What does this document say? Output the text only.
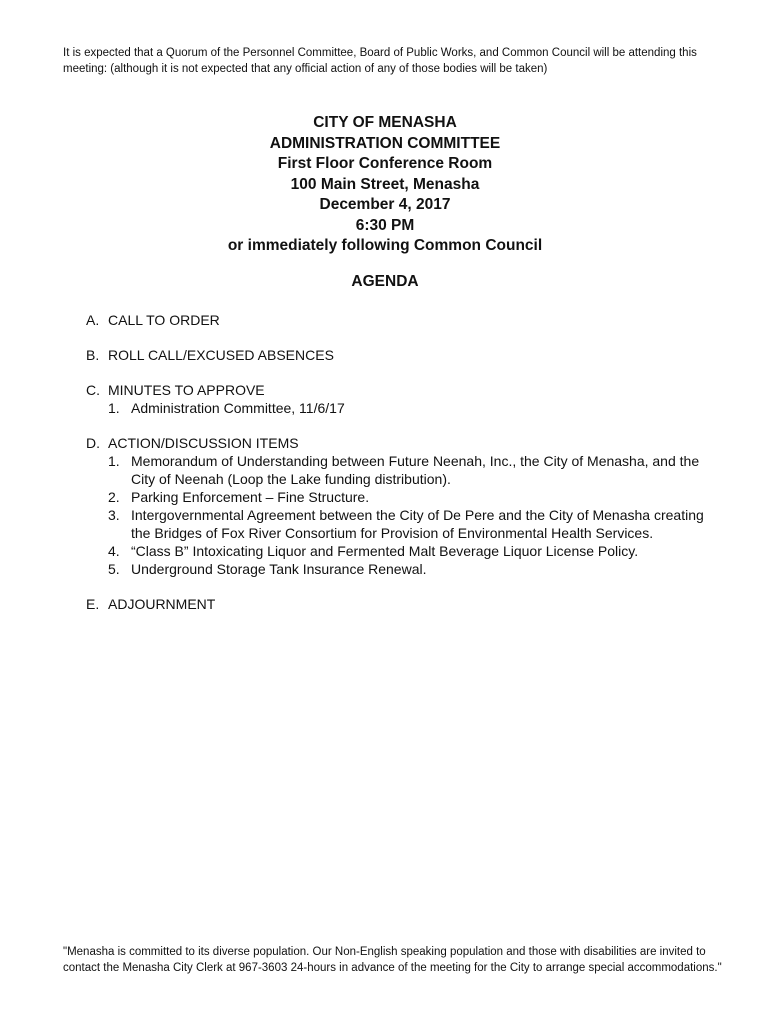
It is expected that a Quorum of the Personnel Committee, Board of Public Works, and Common Council will be attending this meeting: (although it is not expected that any official action of any of those bodies will be taken)
CITY OF MENASHA
ADMINISTRATION COMMITTEE
First Floor Conference Room
100 Main Street, Menasha
December 4, 2017
6:30 PM
or immediately following Common Council
AGENDA
A. CALL TO ORDER
B. ROLL CALL/EXCUSED ABSENCES
C. MINUTES TO APPROVE
1. Administration Committee, 11/6/17
D. ACTION/DISCUSSION ITEMS
1. Memorandum of Understanding between Future Neenah, Inc., the City of Menasha, and the City of Neenah (Loop the Lake funding distribution).
2. Parking Enforcement – Fine Structure.
3. Intergovernmental Agreement between the City of De Pere and the City of Menasha creating the Bridges of Fox River Consortium for Provision of Environmental Health Services.
4. “Class B” Intoxicating Liquor and Fermented Malt Beverage Liquor License Policy.
5. Underground Storage Tank Insurance Renewal.
E. ADJOURNMENT
"Menasha is committed to its diverse population. Our Non-English speaking population and those with disabilities are invited to contact the Menasha City Clerk at 967-3603 24-hours in advance of the meeting for the City to arrange special accommodations."
